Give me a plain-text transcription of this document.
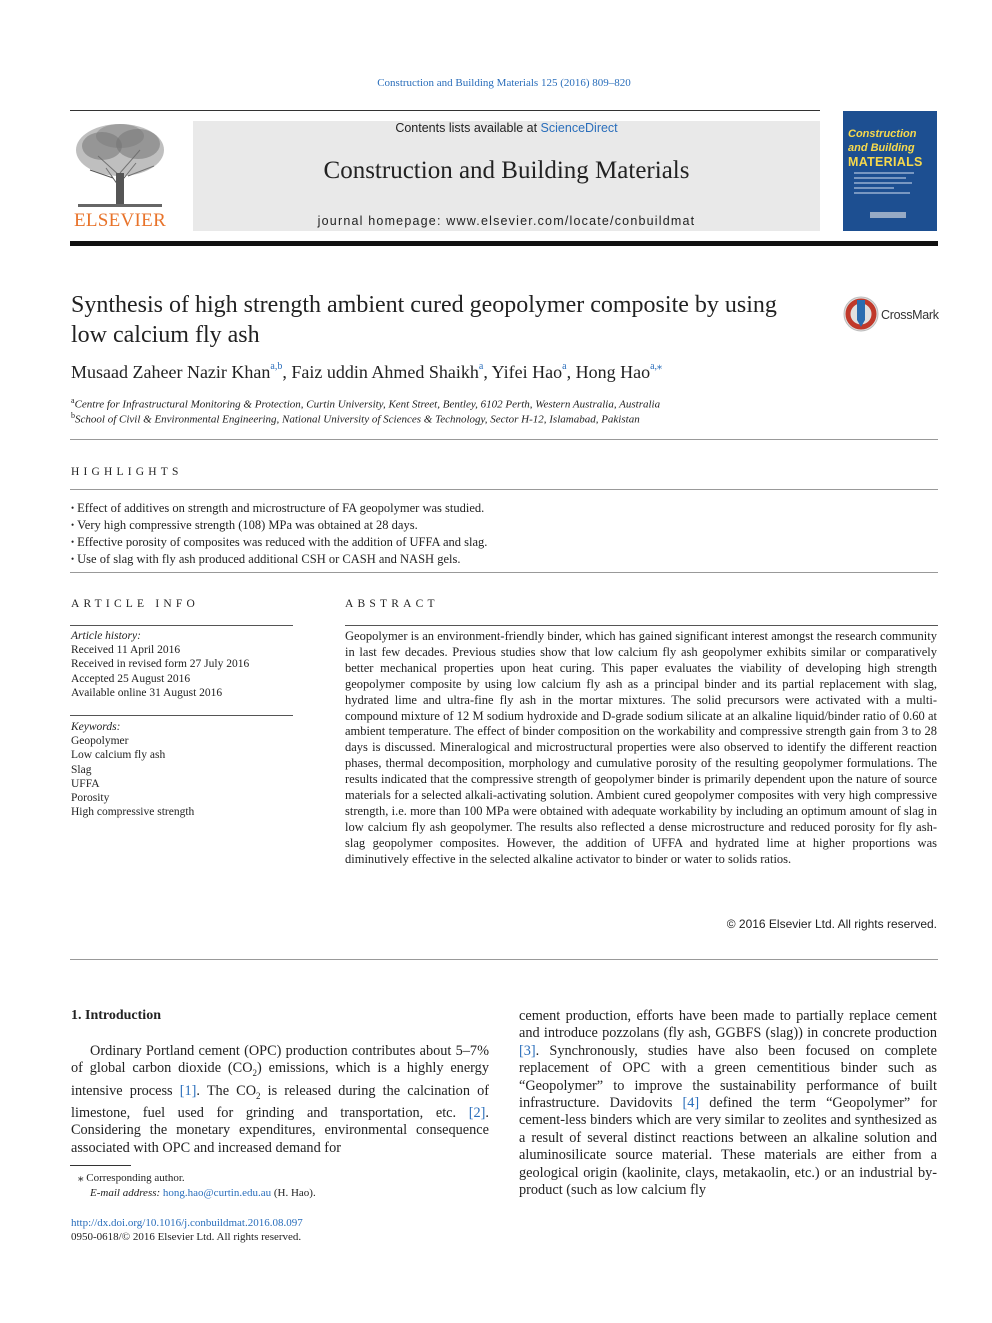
Construction and Building Materials 125 (2016) 809–820
ELSEVIER
Contents lists available at ScienceDirect
Construction and Building Materials
journal homepage: www.elsevier.com/locate/conbuildmat
Construction
and Building
MATERIALS
Synthesis of high strength ambient cured geopolymer composite by using low calcium fly ash
CrossMark
Musaad Zaheer Nazir Khan$^{a,b}$, Faiz uddin Ahmed Shaikh$^a$, Yifei Hao$^a$, Hong Hao$^{a,⁎}$
$^a$Centre for Infrastructural Monitoring & Protection, Curtin University, Kent Street, Bentley, 6102 Perth, Western Australia, Australia
$^b$School of Civil & Environmental Engineering, National University of Sciences & Technology, Sector H-12, Islamabad, Pakistan
HIGHLIGHTS
• Effect of additives on strength and microstructure of FA geopolymer was studied.
• Very high compressive strength (108) MPa was obtained at 28 days.
• Effective porosity of composites was reduced with the addition of UFFA and slag.
• Use of slag with fly ash produced additional CSH or CASH and NASH gels.
ARTICLE INFO
Article history:
Received 11 April 2016
Received in revised form 27 July 2016
Accepted 25 August 2016
Available online 31 August 2016
Keywords:
Geopolymer
Low calcium fly ash
Slag
UFFA
Porosity
High compressive strength
ABSTRACT
Geopolymer is an environment-friendly binder, which has gained significant interest amongst the research community in last few decades. Previous studies show that low calcium fly ash geopolymer exhibits similar or comparatively better mechanical properties upon heat curing. This paper evaluates the viability of developing high strength geopolymer composite by using low calcium fly ash as a principal binder and its partial replacement with slag, hydrated lime and ultra-fine fly ash in the mortar mixtures. The solid precursors were activated with a multi-compound mixture of 12 M sodium hydroxide and D-grade sodium silicate at an alkaline liquid/binder ratio of 0.60 at ambient temperature. The effect of binder composition on the workability and compressive strength gain from 3 to 28 days is discussed. Mineralogical and microstructural properties were also observed to identify the different reaction phases, thermal decomposition, morphology and cumulative porosity of the resulting geopolymer formulations. The results indicated that the compressive strength of geopolymer binder is primarily dependent upon the nature of source materials for a selected alkali-activating solution. Ambient cured geopolymer composites with very high compressive strength, i.e. more than 100 MPa were obtained with adequate workability by including an optimum amount of slag in low calcium fly ash geopolymer. The results also reflected a dense microstructure and reduced porosity for fly ash-slag geopolymer composites. However, the addition of UFFA and hydrated lime at higher proportions was diminutively effective in the selected alkaline activator to binder or water to solids ratios.
© 2016 Elsevier Ltd. All rights reserved.
1. Introduction
Ordinary Portland cement (OPC) production contributes about 5–7% of global carbon dioxide $(CO_2)$ emissions, which is a highly energy intensive process [1]. The $CO_2$ is released during the calcination of limestone, fuel used for grinding and transportation, etc. [2]. Considering the monetary expenditures, environmental consequence associated with OPC and increased demand for
cement production, efforts have been made to partially replace cement and introduce pozzolans (fly ash, GGBFS (slag)) in concrete production [3]. Synchronously, studies have also been focused on complete replacement of OPC with a green cementitious binder such as “Geopolymer” to improve the sustainability performance of built infrastructure. Davidovits [4] defined the term “Geopolymer” for cement-less binders which are very similar to zeolites and synthesized as a result of several distinct reactions between an alkaline solution and aluminosilicate source material. These materials are either from a geological origin (kaolinite, clays, metakaolin, etc.) or an industrial by-product (such as low calcium fly
⁎ Corresponding author.
E-mail address: hong.hao@curtin.edu.au (H. Hao).
http://dx.doi.org/10.1016/j.conbuildmat.2016.08.097
0950-0618/© 2016 Elsevier Ltd. All rights reserved.
